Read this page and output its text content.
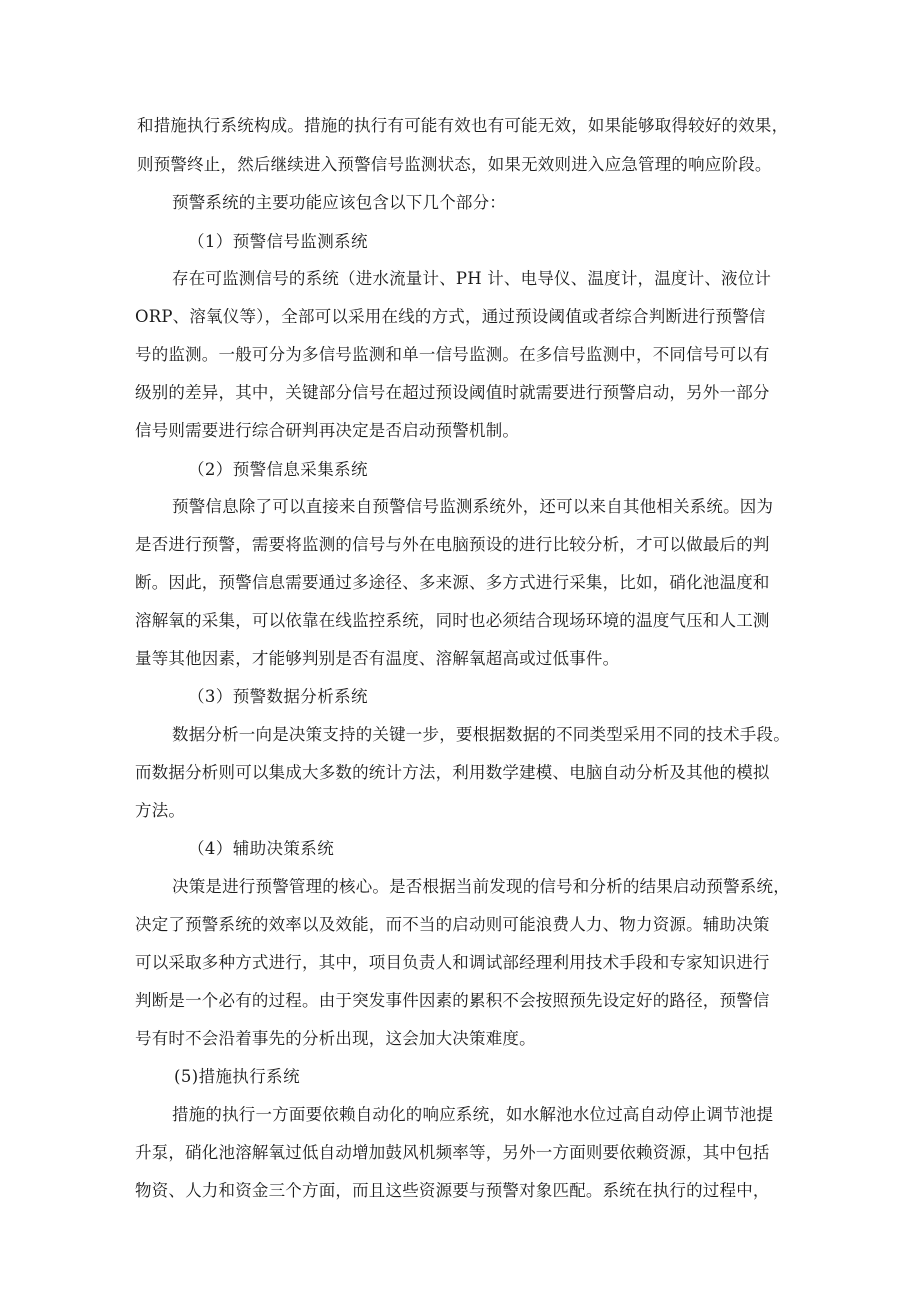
和措施执行系统构成。措施的执行有可能有效也有可能无效，如果能够取得较好的效果，
则预警终止，然后继续进入预警信号监测状态，如果无效则进入应急管理的响应阶段。
预警系统的主要功能应该包含以下几个部分：
（1）预警信号监测系统
存在可监测信号的系统（进水流量计、PH 计、电导仪、温度计，温度计、液位计
ORP、溶氧仪等），全部可以采用在线的方式，通过预设阈值或者综合判断进行预警信
号的监测。一般可分为多信号监测和单一信号监测。在多信号监测中，不同信号可以有
级别的差异，其中，关键部分信号在超过预设阈值时就需要进行预警启动，另外一部分
信号则需要进行综合研判再决定是否启动预警机制。
（2）预警信息采集系统
预警信息除了可以直接来自预警信号监测系统外，还可以来自其他相关系统。因为
是否进行预警，需要将监测的信号与外在电脑预设的进行比较分析，才可以做最后的判
断。因此，预警信息需要通过多途径、多来源、多方式进行采集，比如，硝化池温度和
溶解氧的采集，可以依靠在线监控系统，同时也必须结合现场环境的温度气压和人工测
量等其他因素，才能够判别是否有温度、溶解氧超高或过低事件。
（3）预警数据分析系统
数据分析一向是决策支持的关键一步，要根据数据的不同类型采用不同的技术手段。
而数据分析则可以集成大多数的统计方法，利用数学建模、电脑自动分析及其他的模拟
方法。
（4）辅助决策系统
决策是进行预警管理的核心。是否根据当前发现的信号和分析的结果启动预警系统，
决定了预警系统的效率以及效能，而不当的启动则可能浪费人力、物力资源。辅助决策
可以采取多种方式进行，其中，项目负责人和调试部经理利用技术手段和专家知识进行
判断是一个必有的过程。由于突发事件因素的累积不会按照预先设定好的路径，预警信
号有时不会沿着事先的分析出现，这会加大决策难度。
(5)措施执行系统
措施的执行一方面要依赖自动化的响应系统，如水解池水位过高自动停止调节池提
升泵，硝化池溶解氧过低自动增加鼓风机频率等，另外一方面则要依赖资源，其中包括
物资、人力和资金三个方面，而且这些资源要与预警对象匹配。系统在执行的过程中，
